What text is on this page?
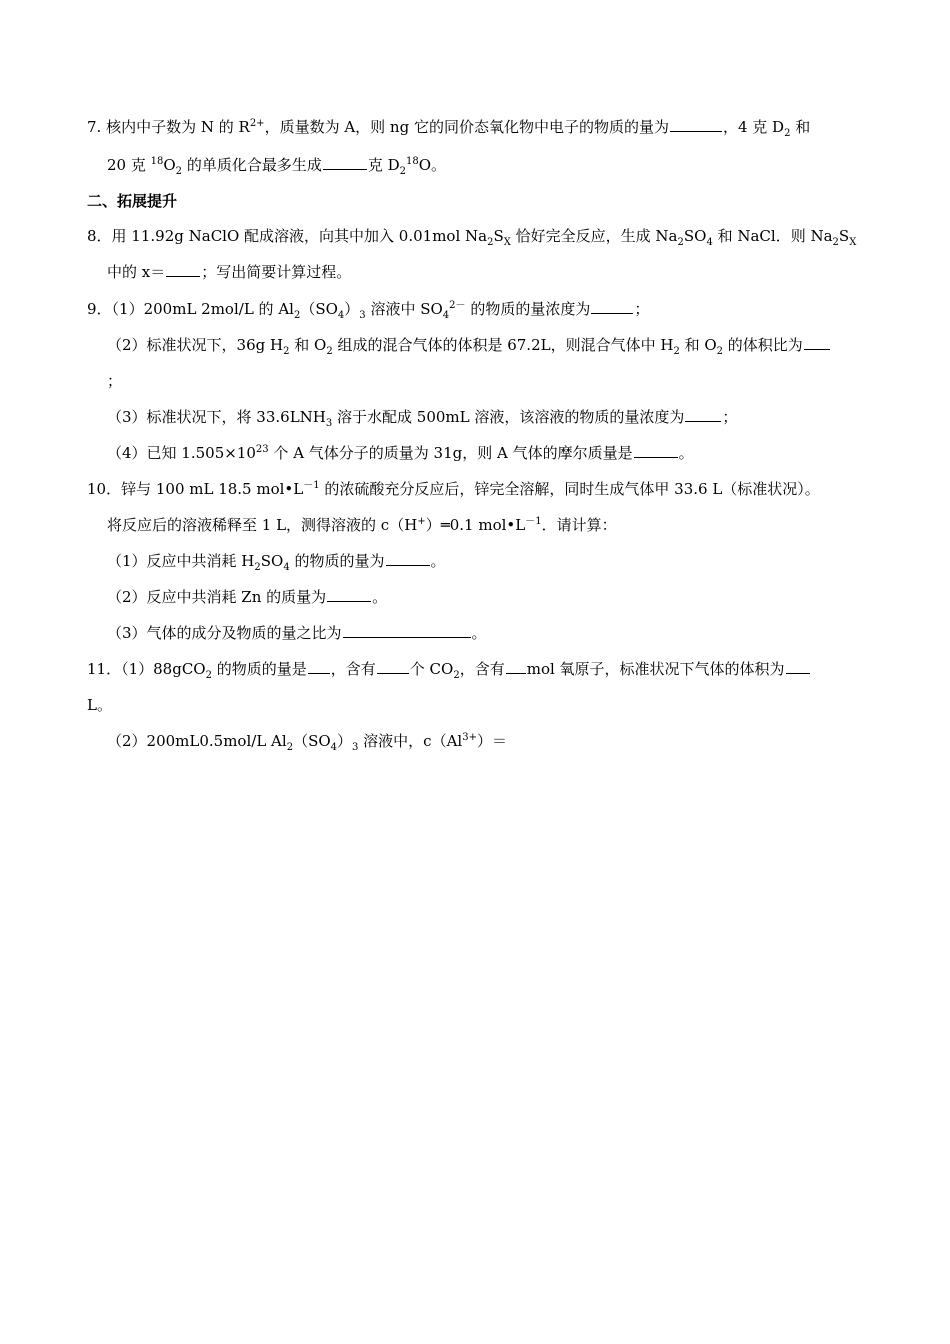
7. 核内中子数为 N 的 $R^{2+}$，质量数为 A，则 ng 它的同价态氧化物中电子的物质的量为	，4 克 $D_2$ 和
20 克 $^{18}O_2$ 的单质化合最多生成	克 $D_2^{18}O$。
二、拓展提升
8．用 11.92g NaClO 配成溶液，向其中加入 0.01mol $Na_2S_X$ 恰好完全反应，生成 $Na_2SO_4$ 和 NaCl．则 $Na_2S_X$
中的 x＝ ；写出简要计算过程。
9．（1）200mL 2mol/L 的 $Al_2(SO_4)_3$ 溶液中 $SO_4^{2-}$ 的物质的量浓度为	；
（2）标准状况下，36g $H_2$ 和 $O_2$ 组成的混合气体的体积是 67.2L，则混合气体中 $H_2$ 和 $O_2$ 的体积比为
；
（3）标准状况下，将 $33.6LNH_3$ 溶于水配成 500mL 溶液，该溶液的物质的量浓度为	；
（4）已知 $1.505\times 10^{23}$ 个 A 气体分子的质量为 31g，则 A 气体的摩尔质量是	。
10．锌与 100 mL 18.5 $mol•L^{-1}$ 的浓硫酸充分反应后，锌完全溶解，同时生成气体甲 33.6 L（标准状况）。
将反应后的溶液稀释至 1 L，测得溶液的 c（H+）═0.1 $mol•L^{-1}$．请计算：
（1）反应中共消耗 $H_2SO_4$ 的物质的量为	。
（2）反应中共消耗 Zn 的质量为	。
（3）气体的成分及物质的量之比为	。
11．（1）88gCO$_2$ 的物质的量是 ，含有 个 $CO_2$，含有 mol 氧原子，标准状况下气体的体积为
L。
（2）200mL0.5mol/L $Al_2(SO_4)_3$ 溶液中，$c(Al^{3+})=$
